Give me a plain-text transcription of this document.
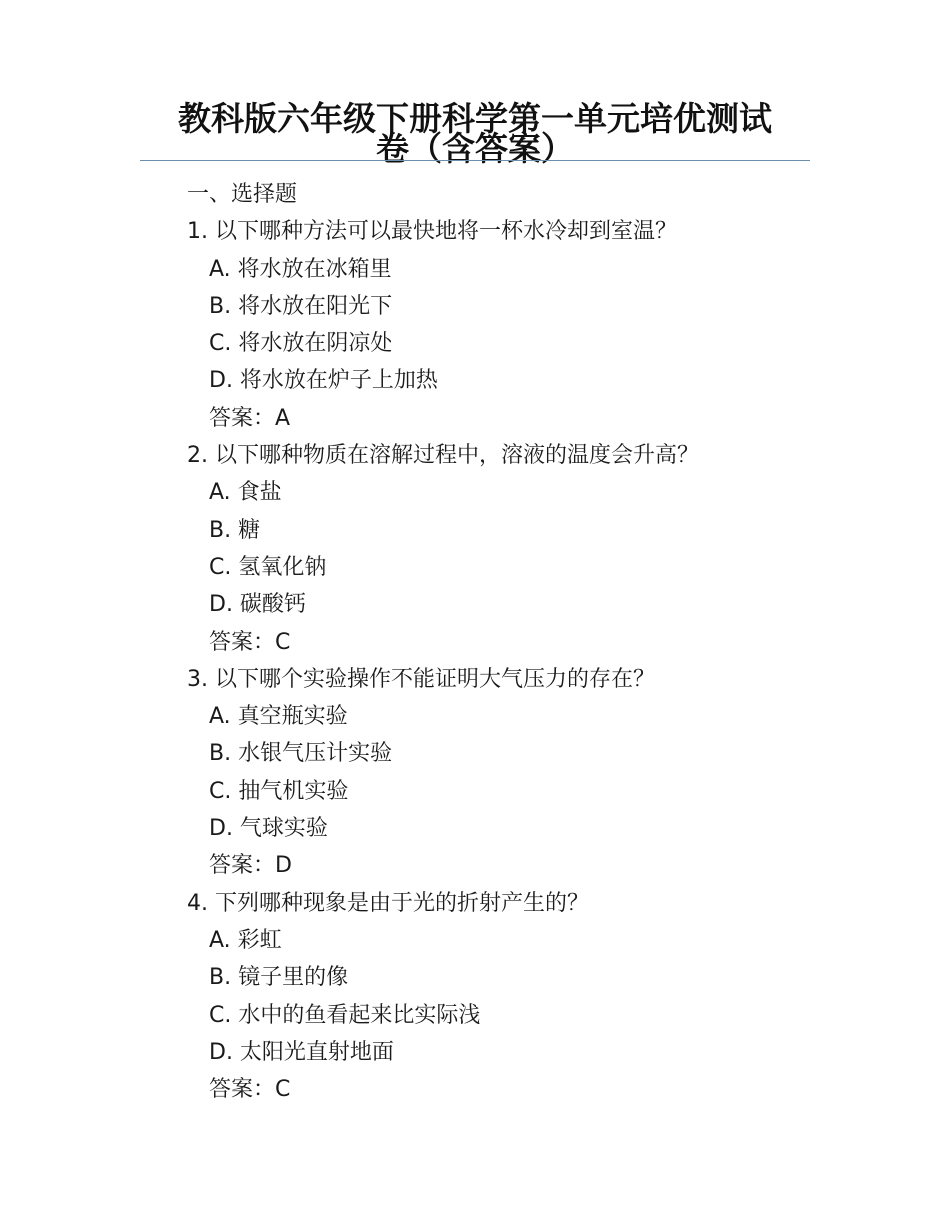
教科版六年级下册科学第一单元培优测试
卷（含答案）
一、选择题
1. 以下哪种方法可以最快地将一杯水冷却到室温？
A. 将水放在冰箱里
B. 将水放在阳光下
C. 将水放在阴凉处
D. 将水放在炉子上加热
答案：A
2. 以下哪种物质在溶解过程中，溶液的温度会升高？
A. 食盐
B. 糖
C. 氢氧化钠
D. 碳酸钙
答案：C
3. 以下哪个实验操作不能证明大气压力的存在？
A. 真空瓶实验
B. 水银气压计实验
C. 抽气机实验
D. 气球实验
答案：D
4. 下列哪种现象是由于光的折射产生的？
A. 彩虹
B. 镜子里的像
C. 水中的鱼看起来比实际浅
D. 太阳光直射地面
答案：C
